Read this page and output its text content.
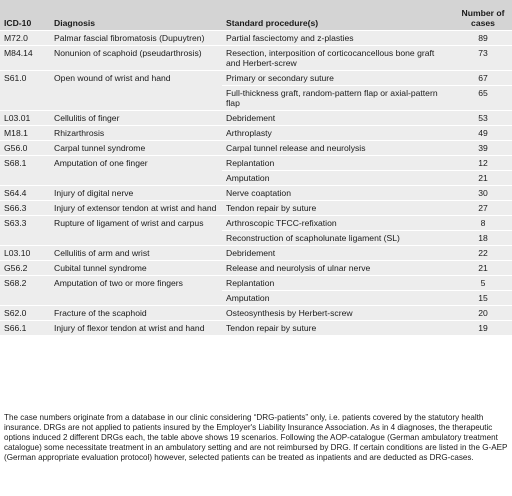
ICD-10	Diagnosis	Standard procedure(s)	Number of cases
M72.0	Palmar fascial fibromatosis (Dupuytren)	Partial fasciectomy and z-plasties	89
M84.14	Nonunion of scaphoid (pseudarthrosis)	Resection, interposition of corticocancellous bone graft and Herbert-screw	73
S61.0	Open wound of wrist and hand	Primary or secondary suture	67
		Full-thickness graft, random-pattern flap or axial-pattern flap	65
L03.01	Cellulitis of finger	Debridement	53
M18.1	Rhizarthrosis	Arthroplasty	49
G56.0	Carpal tunnel syndrome	Carpal tunnel release and neurolysis	39
S68.1	Amputation of one finger	Replantation	12
		Amputation	21
S64.4	Injury of digital nerve	Nerve coaptation	30
S66.3	Injury of extensor tendon at wrist and hand	Tendon repair by suture	27
S63.3	Rupture of ligament of wrist and carpus	Arthroscopic TFCC-refixation	8
		Reconstruction of scapholunate ligament (SL)	18
L03.10	Cellulitis of arm and wrist	Debridement	22
G56.2	Cubital tunnel syndrome	Release and neurolysis of ulnar nerve	21
S68.2	Amputation of two or more fingers	Replantation	5
		Amputation	15
S62.0	Fracture of the scaphoid	Osteosynthesis by Herbert-screw	20
S66.1	Injury of flexor tendon at wrist and hand	Tendon repair by suture	19
The case numbers originate from a database in our clinic considering “DRG-patients” only, i.e. patients covered by the statutory health insurance. DRGs are not applied to patients insured by the Employer's Liability Insurance Association. As in 4 diagnoses, the therapeutic options induced 2 different DRGs each, the table above shows 19 scenarios. Following the AOP-catalogue (German ambulatory treatment catalogue) some necessitate treatment in an ambulatory setting and are not reimbursed by DRG. If certain conditions are listed in the G-AEP (German appropriate evaluation protocol) however, selected patients can be treated as inpatients and are deducted as DRG-cases.
